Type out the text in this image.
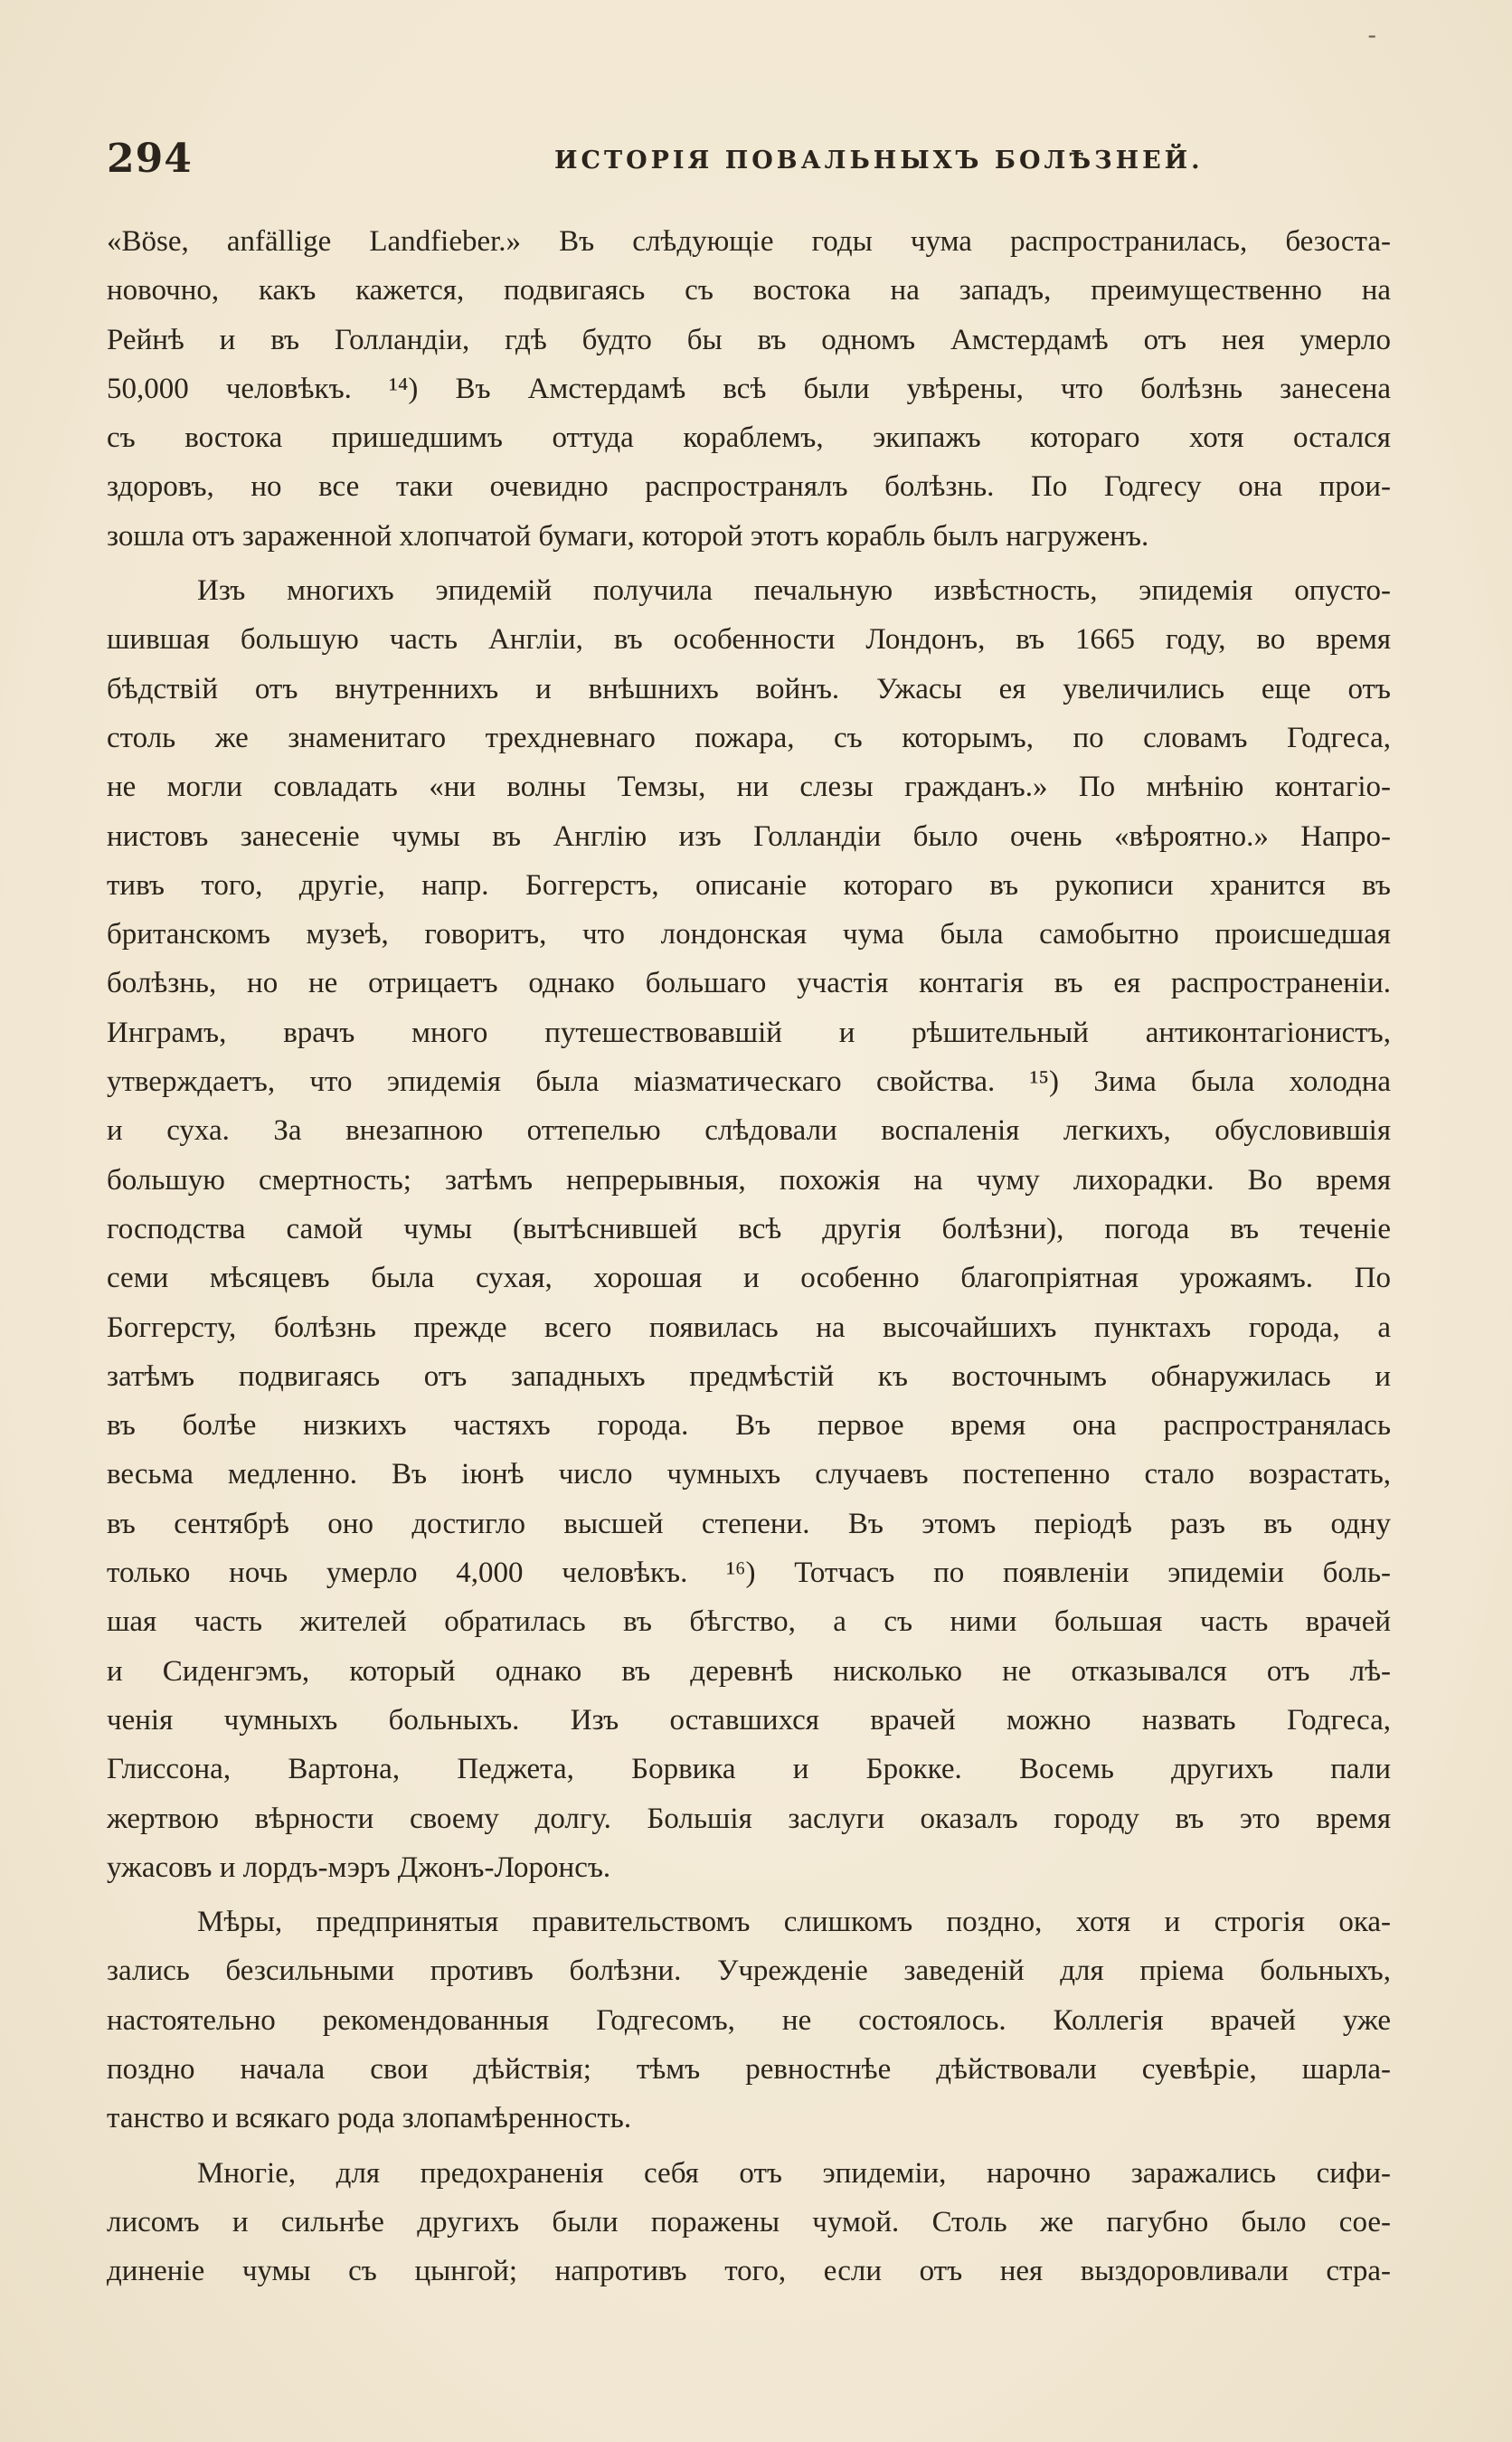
-
294	ИСТОРІЯ ПОВАЛЬНЫХЪ БОЛѢЗНЕЙ.
«Böse, anfällige Landfieber.» Въ слѣдующіе годы чума распространилась, безоста-
новочно, какъ кажется, подвигаясь съ востока на западъ, преимущественно на
Рейнѣ и въ Голландіи, гдѣ будто бы въ одномъ Амстердамѣ отъ нея умерло
50,000 человѣкъ. ¹⁴) Въ Амстердамѣ всѣ были увѣрены, что болѣзнь занесена
съ востока пришедшимъ оттуда кораблемъ, экипажъ котораго хотя остался
здоровъ, но все таки очевидно распространялъ болѣзнь. По Годгесу она прои-
зошла отъ зараженной хлопчатой бумаги, которой этотъ корабль былъ нагруженъ.
Изъ многихъ эпидемій получила печальную извѣстность, эпидемія опусто-
шившая большую часть Англіи, въ особенности Лондонъ, въ 1665 году, во время
бѣдствій отъ внутреннихъ и внѣшнихъ войнъ. Ужасы ея увеличились еще отъ
столь же знаменитаго трехдневнаго пожара, съ которымъ, по словамъ Годгеса,
не могли совладать «ни волны Темзы, ни слезы гражданъ.» По мнѣнію контагіо-
нистовъ занесеніе чумы въ Англію изъ Голландіи было очень «вѣроятно.» Напро-
тивъ того, другіе, напр. Боггерстъ, описаніе котораго въ рукописи хранится въ
британскомъ музеѣ, говоритъ, что лондонская чума была самобытно происшедшая
болѣзнь, но не отрицаетъ однако большаго участія контагія въ ея распространеніи.
Инграмъ, врачъ много путешествовавшій и рѣшительный антиконтагіонистъ,
утверждаетъ, что эпидемія была міазматическаго свойства. ¹⁵) Зима была холодна
и суха. За внезапною оттепелью слѣдовали воспаленія легкихъ, обусловившія
большую смертность; затѣмъ непрерывныя, похожія на чуму лихорадки. Во время
господства самой чумы (вытѣснившей всѣ другія болѣзни), погода въ теченіе
семи мѣсяцевъ была сухая, хорошая и особенно благопріятная урожаямъ. По
Боггерсту, болѣзнь прежде всего появилась на высочайшихъ пунктахъ города, а
затѣмъ подвигаясь отъ западныхъ предмѣстій къ восточнымъ обнаружилась и
въ болѣе низкихъ частяхъ города. Въ первое время она распространялась
весьма медленно. Въ іюнѣ число чумныхъ случаевъ постепенно стало возрастать,
въ сентябрѣ оно достигло высшей степени. Въ этомъ періодѣ разъ въ одну
только ночь умерло 4,000 человѣкъ. ¹⁶) Тотчасъ по появленіи эпидеміи боль-
шая часть жителей обратилась въ бѣгство, а съ ними большая часть врачей
и Сиденгэмъ, который однако въ деревнѣ нисколько не отказывался отъ лѣ-
ченія чумныхъ больныхъ. Изъ оставшихся врачей можно назвать Годгеса,
Глиссона, Вартона, Педжета, Борвика и Брокке. Восемь другихъ пали
жертвою вѣрности своему долгу. Большія заслуги оказалъ городу въ это время
ужасовъ и лордъ-мэръ Джонъ-Лоронсъ.
Мѣры, предпринятыя правительствомъ слишкомъ поздно, хотя и строгія ока-
зались безсильными противъ болѣзни. Учрежденіе заведеній для пріема больныхъ,
настоятельно рекомендованныя Годгесомъ, не состоялось. Коллегія врачей уже
поздно начала свои дѣйствія; тѣмъ ревностнѣе дѣйствовали суевѣріе, шарла-
танство и всякаго рода злопамѣренность.
Многіе, для предохраненія себя отъ эпидеміи, нарочно заражались сифи-
лисомъ и сильнѣе другихъ были поражены чумой. Столь же пагубно было сое-
диненіе чумы съ цынгой; напротивъ того, если отъ нея выздоровливали стра-
